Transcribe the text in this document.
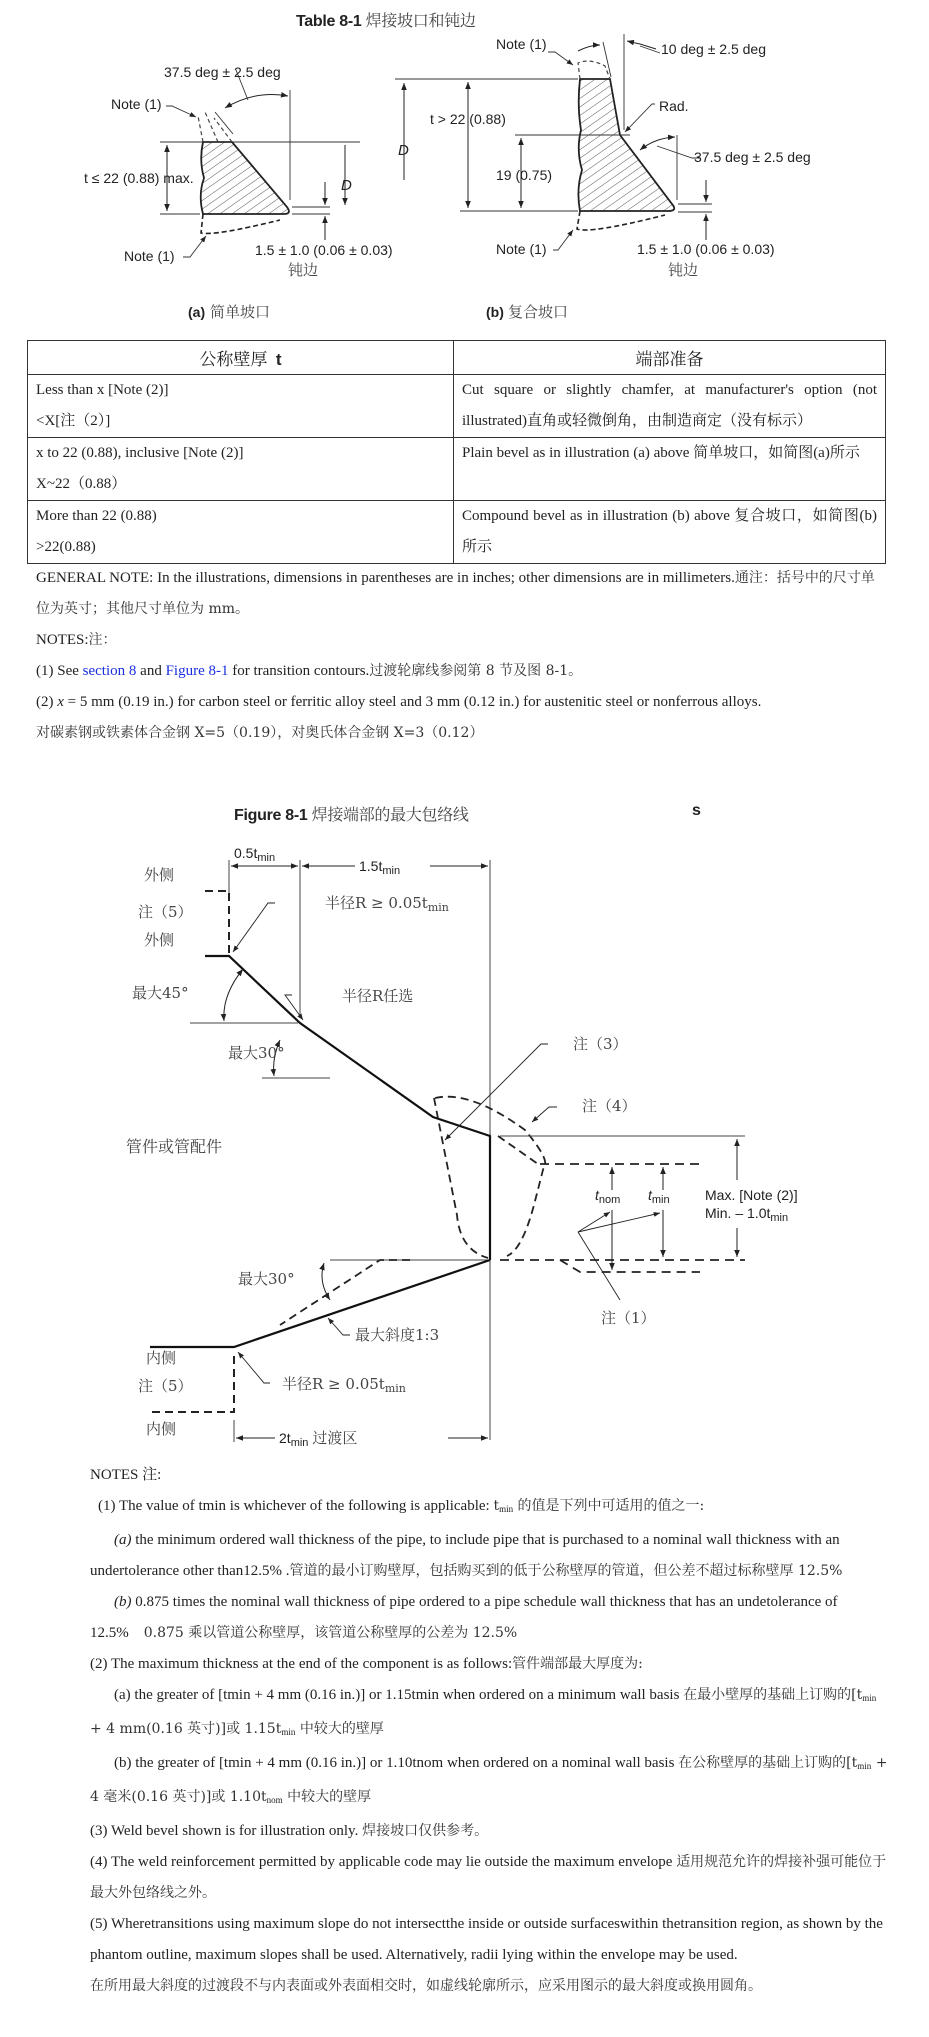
Table 8-1 焊接坡口和钝边
37.5 deg ± 2.5 deg
Note (1)
t ≤ 22 (0.88) max.	D
Note (1)	1.5 ± 1.0 (0.06 ± 0.03)
钝边
(a) 简单坡口
Note (1)	10 deg ± 2.5 deg
Rad.
t > 22 (0.88)
D
19 (0.75)
37.5 deg ± 2.5 deg
Note (1)	1.5 ± 1.0 (0.06 ± 0.03)
钝边
(b) 复合坡口
公称壁厚 t	端部准备

Less than x [Note (2)]
<X[注（2）]	Cut square or slightly chamfer, at manufacturer's option (not illustrated)直角或轻微倒角，由制造商定（没有标示）

x to 22 (0.88), inclusive [Note (2)]
X~22（0.88）	Plain bevel as in illustration (a) above 简单坡口，如简图(a)所示

More than 22 (0.88)
>22(0.88)	Compound bevel as in illustration (b) above 复合坡口，如简图(b)所示

GENERAL NOTE: In the illustrations, dimensions in parentheses are in inches; other dimensions are in millimeters.通注：括号中的尺寸单位为英寸；其他尺寸单位为 mm。

NOTES:注：

(1) See section 8 and Figure 8-1 for transition contours.过渡轮廓线参阅第 8 节及图 8-1。

(2) x = 5 mm (0.19 in.) for carbon steel or ferritic alloy steel and 3 mm (0.12 in.) for austenitic steel or nonferrous alloys.

对碳素钢或铁素体合金钢 X=5（0.19），对奥氏体合金钢 X=3（0.12）

Figure 8-1 焊接端部的最大包络线	s
$0.5t_{min}$	$1.5t_{min}$
外侧
注（5）
外侧
半径$R \ge 0.05t_{min}$
最大45°	半径R任选
最大30°	注（3）
注（4）
管件或管配件
$t_{nom}$ $t_{min}$	Max. [Note (2)]
Min. – $1.0t_{min}$
最大30°
最大斜度1:3
注（1）
内侧
注（5）	半径$R \ge 0.05t_{min}$
内侧	$2t_{min}$ 过渡区

NOTES 注:

(1) The value of tmin is whichever of the following is applicable: $t_{min}$ 的值是下列中可适用的值之一:

(a) the minimum ordered wall thickness of the pipe, to include pipe that is purchased to a nominal wall thickness with an undertolerance other than12.5% .管道的最小订购壁厚，包括购买到的低于公称壁厚的管道，但公差不超过标称壁厚 12.5%

(b) 0.875 times the nominal wall thickness of pipe ordered to a pipe schedule wall thickness that has an undetolerance of 12.5% 0.875 乘以管道公称壁厚，该管道公称壁厚的公差为 12.5%

(2) The maximum thickness at the end of the component is as follows:管件端部最大厚度为:

(a) the greater of [tmin + 4 mm (0.16 in.)] or 1.15tmin when ordered on a minimum wall basis 在最小壁厚的基础上订购的[$t_{min} + 4$ mm(0.16 英寸)]或 $1.15t_{min}$ 中较大的壁厚

(b) the greater of [tmin + 4 mm (0.16 in.)] or 1.10tnom when ordered on a nominal wall basis 在公称壁厚的基础上订购的[$t_{min} + 4$ 毫米(0.16 英寸)]或 $1.10t_{nom}$ 中较大的壁厚

(3) Weld bevel shown is for illustration only. 焊接坡口仅供参考。

(4) The weld reinforcement permitted by applicable code may lie outside the maximum envelope 适用规范允许的焊接补强可能位于最大外包络线之外。

(5) Wheretransitions using maximum slope do not intersectthe inside or outside surfaceswithin thetransition region, as shown by the phantom outline, maximum slopes shall be used. Alternatively, radii lying within the envelope may be used.

在所用最大斜度的过渡段不与内表面或外表面相交时，如虚线轮廓所示，应采用图示的最大斜度或换用圆角。
